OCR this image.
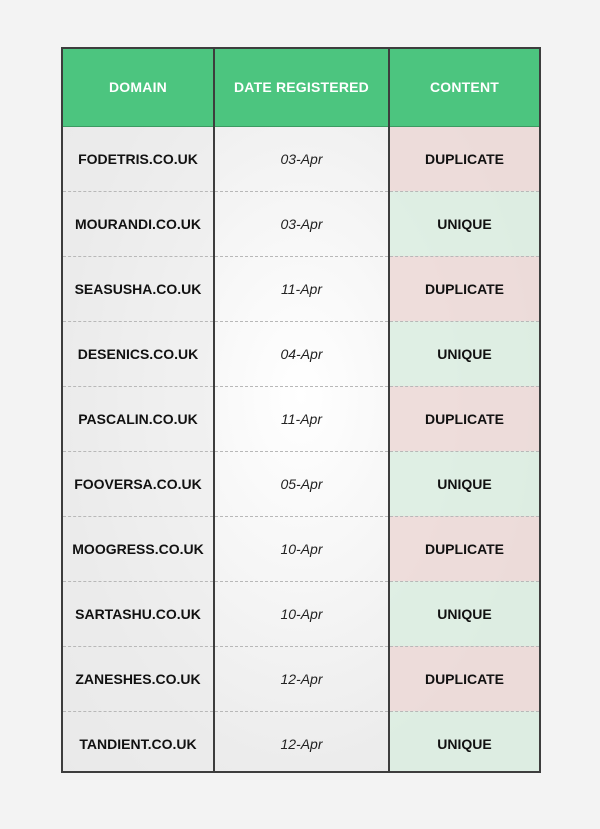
DOMAIN	DATE REGISTERED	CONTENT
FODETRIS.CO.UK	03-Apr	DUPLICATE
MOURANDI.CO.UK	03-Apr	UNIQUE
SEASUSHA.CO.UK	11-Apr	DUPLICATE
DESENICS.CO.UK	04-Apr	UNIQUE
PASCALIN.CO.UK	11-Apr	DUPLICATE
FOOVERSA.CO.UK	05-Apr	UNIQUE
MOOGRESS.CO.UK	10-Apr	DUPLICATE
SARTASHU.CO.UK	10-Apr	UNIQUE
ZANESHES.CO.UK	12-Apr	DUPLICATE
TANDIENT.CO.UK	12-Apr	UNIQUE
